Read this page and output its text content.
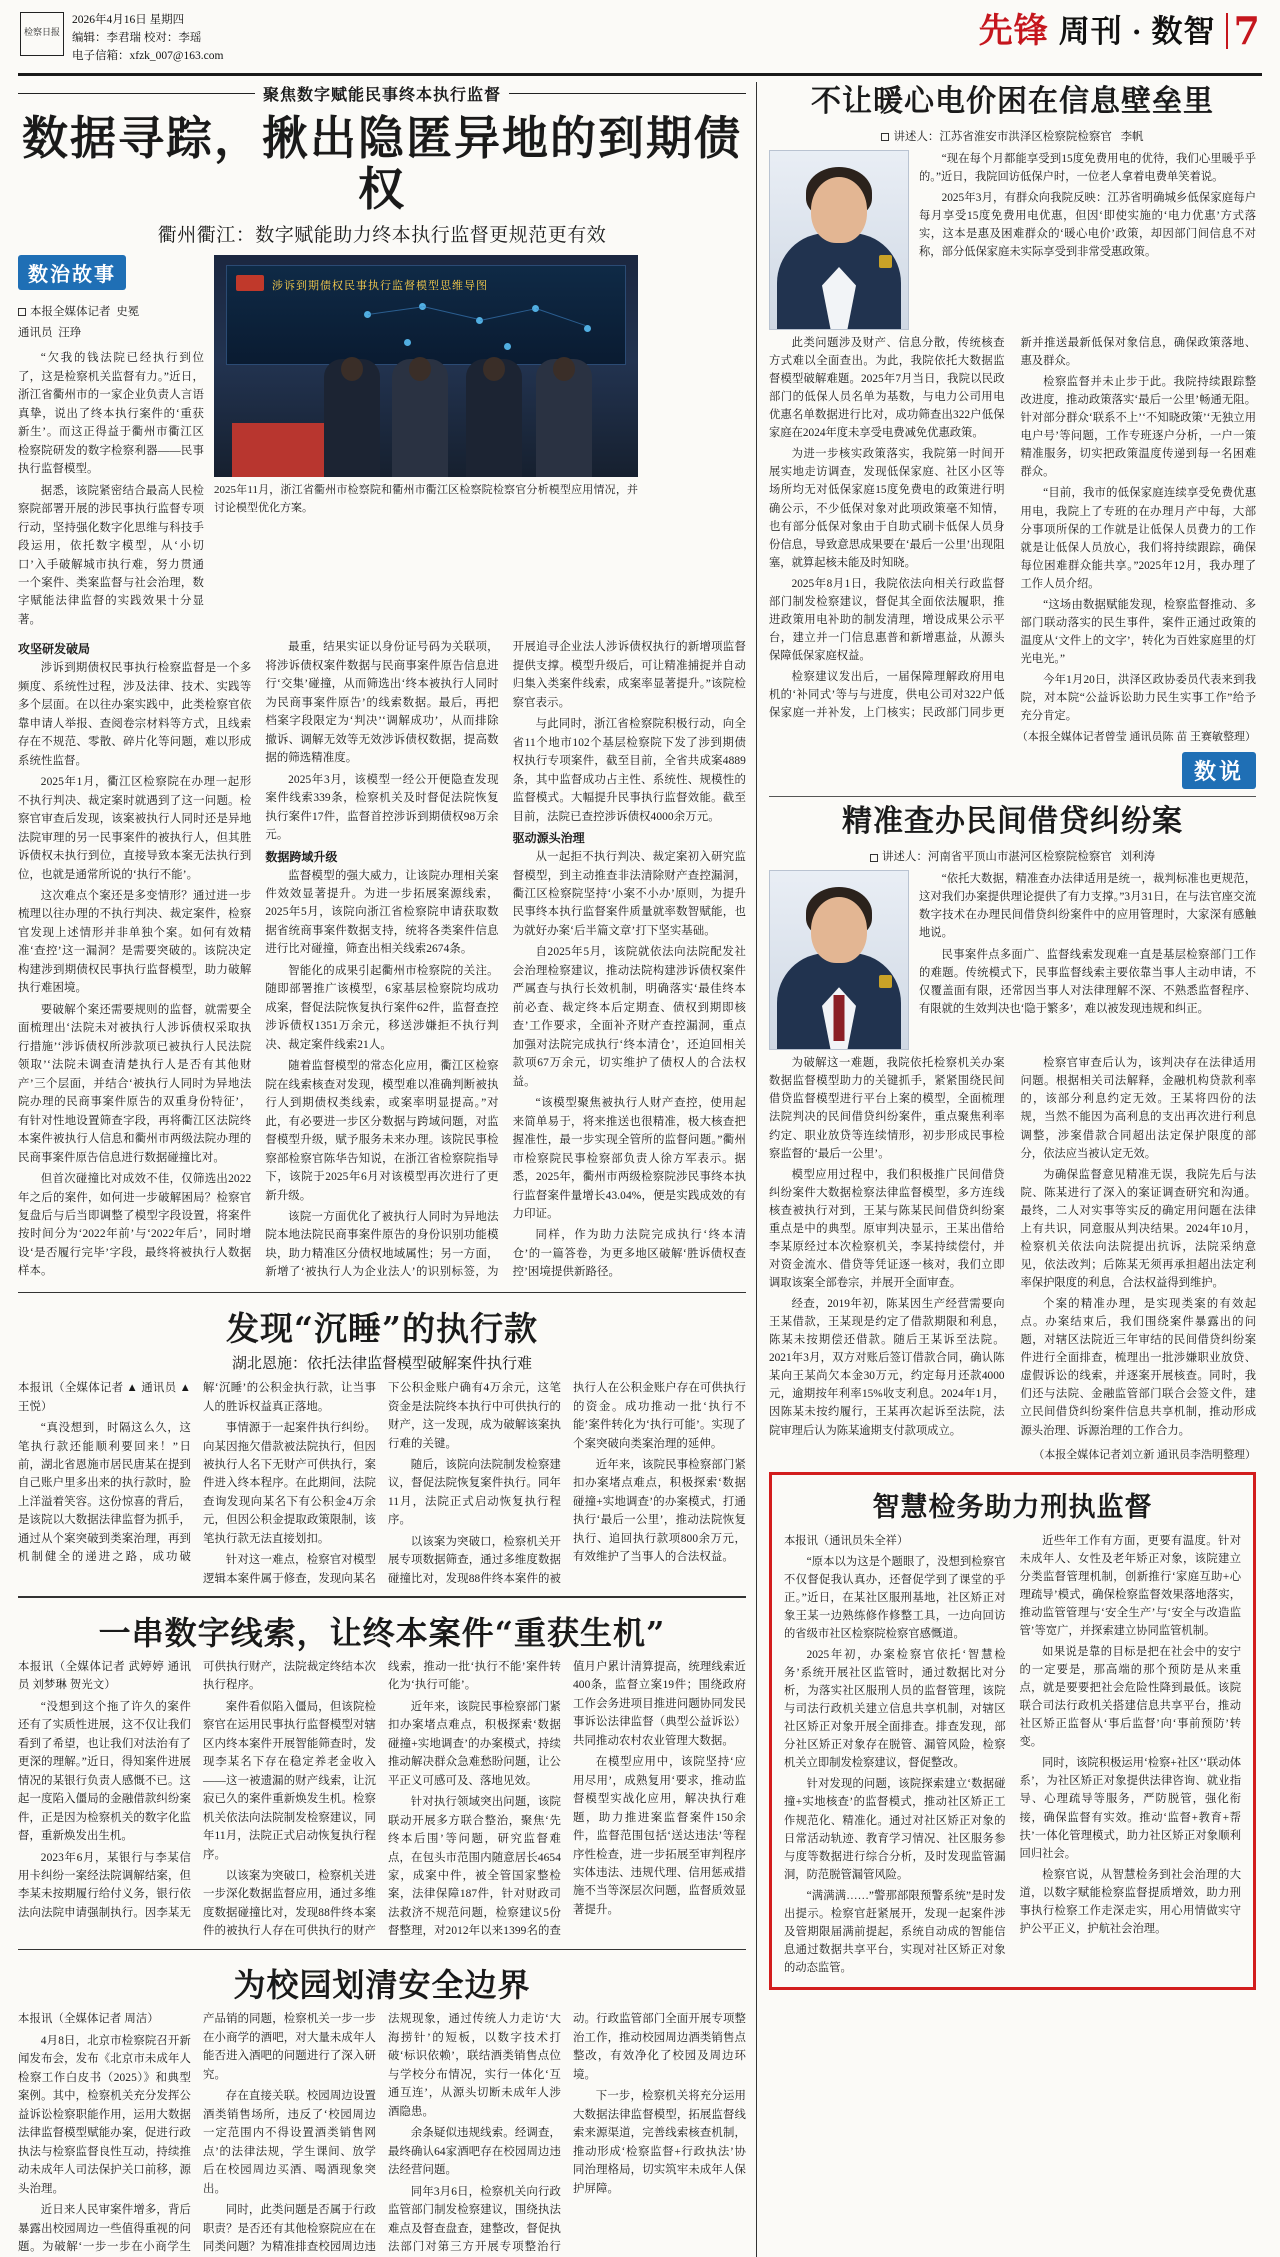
检察日报
2026年4月16日 星期四
编辑：李君瑞 校对：李瑶
电子信箱：xfzk_007@163.com
先锋 周刊 · 数智 7
聚焦数字赋能民事终本执行监督
数据寻踪，揪出隐匿异地的到期债权
衢州衢江：数字赋能助力终本执行监督更规范更有效
数治故事
本报全媒体记者 史冕
通讯员 汪琤

“欠我的钱法院已经执行到位了，这是检察机关监督有力。”近日，浙江省衢州市的一家企业负责人言语真挚，说出了终本执行案件的‘重获新生’。而这正得益于衢州市衢江区检察院研发的数字检察利器——民事执行监督模型。

据悉，该院紧密结合最高人民检察院部署开展的涉民事执行监督专项行动，坚持强化数字化思维与科技手段运用，依托数字模型，从‘小切口’入手破解城市执行难，努力贯通一个案件、类案监督与社会治理，数字赋能法律监督的实践效果十分显著。

涉诉到期债权民事执行监督模型思维导图
2025年11月，浙江省衢州市检察院和衢州市衢江区检察院检察官分析模型应用情况，并讨论模型优化方案。
攻坚研发破局

涉诉到期债权民事执行检察监督是一个多频度、系统性过程，涉及法律、技术、实践等多个层面。在以往办案实践中，此类检察官依靠申请人举报、查阅卷宗材料等方式，且线索存在不规范、零散、碎片化等问题，难以形成系统性监督。

2025年1月，衢江区检察院在办理一起形不执行判决、裁定案时就遇到了这一问题。检察官审查后发现，该案被执行人同时还是异地法院审理的另一民事案件的被执行人，但其胜诉债权未执行到位，直接导致本案无法执行到位，也就是通常所说的‘执行不能’。

这次难点个案还是多变情形？通过进一步梳理以往办理的不执行判决、裁定案件，检察官发现上述情形并非单独个案。如何有效精准‘查控’这一漏洞？是需要突破的。该院决定构建涉到期债权民事执行监督模型，助力破解执行难困境。

要破解个案还需要规则的监督，就需要全面梳理出‘法院未对被执行人涉诉债权采取执行措施’‘涉诉债权所涉款项已被执行人民法院领取’‘法院未调查清楚执行人是否有其他财产’三个层面，并结合‘被执行人同时为异地法院办理的民商事案件原告的双重身份特征’，有针对性地设置筛查字段，再将衢江区法院终本案件被执行人信息和衢州市两级法院办理的民商事案件原告信息进行数据碰撞比对。

但首次碰撞比对成效不佳，仅筛选出2022年之后的案件，如何进一步破解困局？检察官复盘后与后当即调整了模型字段设置，将案件按时间分为‘2022年前’与‘2022年后’，同时增设‘是否履行完毕’字段，最终将被执行人数据样本。

最重，结果实证以身份证号码为关联项，将涉诉债权案件数据与民商事案件原告信息进行‘交集’碰撞，从而筛选出‘终本被执行人同时为民商事案件原告’的线索数据。最后，再把档案字段限定为‘判决’‘调解成功’，从而排除撤诉、调解无效等无效涉诉债权数据，提高数据的筛选精准度。

2025年3月，该模型一经公开便隐查发现案件线索339条，检察机关及时督促法院恢复执行案件17件，监督首控涉诉到期债权98万余元。

数据跨域升级

监督模型的强大威力，让该院办理相关案件效效显著提升。为进一步拓展案源线索，2025年5月，该院向浙江省检察院申请获取数据省统商事案件数据支持，统将各类案件信息进行比对碰撞，筛查出相关线索2674条。

智能化的成果引起衢州市检察院的关注。随即部署推广该模型，6家基层检察院均成功成案，督促法院恢复执行案件62件，监督查控涉诉债权1351万余元，移送涉嫌拒不执行判决、裁定案件线索21人。

随着监督模型的常态化应用，衢江区检察院在线索核查对发现，模型难以准确判断被执行人到期债权类线索，或案率明显提高。”对此，有必要进一步区分数据与跨域问题，对监督模型升级，赋予服务未来办理。该院民事检察部检察官陈华告知说，在浙江省检察院指导下，该院于2025年6月对该模型再次进行了更新升级。

该院一方面优化了被执行人同时为异地法院本地法院民商事案件原告的身份识别功能模块，助力精准区分债权地域属性；另一方面，新增了‘被执行人为企业法人’的识别标签，为开展追寻企业法人涉诉债权执行的新增项监督提供支撑。模型升级后，可让精准捕捉并自动归集入类案件线索，成案率显著提升。”该院检察官表示。

与此同时，浙江省检察院积极行动，向全省11个地市102个基层检察院下发了涉到期债权执行专项案件，截至目前，全省共成案4889条，其中监督成功占主性、系统性、规模性的监督模式。大幅提升民事执行监督效能。截至目前，法院已查控涉诉债权4000余万元。

驱动源头治理

从一起拒不执行判决、裁定案初入研究监督模型，到主动推查非法清除财产查控漏洞，衢江区检察院坚持‘小案不小办’原则，为提升民事终本执行监督案件质量就率数智赋能，也为就好办案‘后半篇文章’打下坚实基础。

自2025年5月，该院就依法向法院配发社会治理检察建议，推动法院构建涉诉债权案件严属查与执行长效机制，明确落实‘最佳终本前必查、裁定终本后定期查、债权到期即核查’工作要求，全面补齐财产查控漏洞，重点加强对法院完成执行‘终本清仓’，还迫回相关款项67万余元，切实维护了债权人的合法权益。

“该模型聚焦被执行人财产查控，使用起来简单易于，将来推送也很精准，极大核查把握准性，最一步实现全管所的监督问题。”衢州市检察院民事检察部负责人徐方军表示。据悉，2025年，衢州市两级检察院涉民事终本执行监督案件量增长43.04%，便是实践成效的有力印证。

同样，作为助力法院完成执行‘终本清仓’的一篇答卷，为更多地区破解‘胜诉债权查控’困境提供新路径。

发现“沉睡”的执行款
湖北恩施：依托法律监督模型破解案件执行难

本报讯（全媒体记者 ▲ 通讯员 ▲ 王悦）

“真没想到，时隔这么久，这笔执行款还能顺利要回来！”日前，湖北省恩施市居民唐某在提到自己账户里多出来的执行款时，脸上洋溢着笑容。这份惊喜的背后，是该院以大数据法律监督为抓手，通过从个案突破到类案治理，再到机制健全的递进之路，成功破解‘沉睡’的公积金执行款，让当事人的胜诉权益真正落地。

事情源于一起案件执行纠纷。向某因拖欠借款被法院执行，但因被执行人名下无财产可供执行，案件进入终本程序。在此期间，法院查询发现向某名下有公积金4万余元，但因公积金提取政策限制，该笔执行款无法直接划扣。

针对这一难点，检察官对模型逻辑本案件属于修查，发现向某名下公积金账户确有4万余元，这笔资金是法院终本执行中可供执行的财产，这一发现，成为破解该案执行难的关键。

随后，该院向法院制发检察建议，督促法院恢复案件执行。同年11月，法院正式启动恢复执行程序。

以该案为突破口，检察机关开展专项数据筛查，通过多维度数据碰撞比对，发现88件终本案件的被执行人在公积金账户存在可供执行的资金。成功推动一批‘执行不能’案件转化为‘执行可能’。实现了个案突破向类案治理的延伸。

近年来，该院民事检察部门紧扣办案堵点难点，积极探索‘数据碰撞+实地调查’的办案模式，打通执行‘最后一公里’，推动法院恢复执行、追回执行款项800余万元，有效维护了当事人的合法权益。

一串数字线索，让终本案件“重获生机”

本报讯（全媒体记者 武婷婷 通讯员 刘梦琳 贺光文）

“没想到这个拖了许久的案件还有了实质性进展，这不仅让我们看到了希望，也让我们对法治有了更深的理解。”近日，得知案件进展情况的某银行负责人感慨不已。这起一度陷入僵局的金融借款纠纷案件，正是因为检察机关的数字化监督，重新焕发出生机。

2023年6月，某银行与李某信用卡纠纷一案经法院调解结案，但李某未按期履行给付义务，银行依法向法院申请强制执行。因李某无可供执行财产，法院裁定终结本次执行程序。

案件看似陷入僵局，但该院检察官在运用民事执行监督模型对辖区内终本案件开展智能筛查时，发现李某名下存在稳定养老金收入——这一被遗漏的财产线索，让沉寂已久的案件重新焕发生机。检察机关依法向法院制发检察建议，同年11月，法院正式启动恢复执行程序。

以该案为突破口，检察机关进一步深化数据监督应用，通过多维度数据碰撞比对，发现88件终本案件的被执行人存在可供执行的财产线索，推动一批‘执行不能’案件转化为‘执行可能’。

近年来，该院民事检察部门紧扣办案堵点难点，积极探索‘数据碰撞+实地调查’的办案模式，持续推动解决群众急难愁盼问题，让公平正义可感可及、落地见效。

针对执行领域突出问题，该院联动开展多方联合整治，聚焦‘先终本后围’等问题，研究监督难点，在包头市范围内随意居长4654家，成案中件，被全管国家整检案，法律保障187件，针对财政司法救济不规范问题，检察建议5份督整理，对2012年以来1399名的查值月户累计清算提高，统理线索近400条，监督立案19件；围绕政府工作会务进项目推进问题协同发民事诉讼法律监督（典型公益诉讼）共同推动农村农业管理大数据。

在模型应用中，该院坚持‘应用尽用’，成熟复用‘要求，推动监督模型实战化应用，解决执行难题，助力推进案监督案件150余件，监督范围包括‘送达违法’等程序性检查，进一步拓展至审判程序实体违法、违规代理、信用惩戒措施不当等深层次问题，监督质效显著提升。

为校园划清安全边界

本报讯（全媒体记者 周洁）

4月8日，北京市检察院召开新闻发布会，发布《北京市未成年人检察工作白皮书（2025）》和典型案例。其中，检察机关充分发挥公益诉讼检察职能作用，运用大数据法律监督模型赋能办案，促进行政执法与检察监督良性互动，持续推动未成年人司法保护关口前移，源头治理。

近日来人民审案件增多，背后暴露出校园周边一些值得重视的问题。为破解‘一步一步在小商学生产品销的同题，检察机关一步一步在小商学的酒吧，对大量未成年人能否进入酒吧的问题进行了深入研究。

存在直接关联。校园周边设置酒类销售场所，违反了‘校园周边一定范围内不得设置酒类销售网点’的法律法规，学生课间、放学后在校园周边买酒、喝酒现象突出。

同时，此类问题是否属于行政职责？是否还有其他检察院应在在同类问题？为精准排查校园周边违法规现象，通过传统人力走访‘大海捞针’的短板，以数字技术打破‘标识依赖’，联结酒类销售点位与学校分布情况，实行一体化‘互通互连’，从源头切断未成年人涉酒隐患。

余条疑似违规线索。经调查，最终确认64家酒吧存在校园周边违法经营问题。

同年3月6日，检察机关向行政监管部门制发检察建议，围绕执法难点及督查盘查，建整改，督促执法部门对第三方开展专项整治行动。行政监管部门全面开展专项整治工作，推动校园周边酒类销售点整改，有效净化了校园及周边环境。

下一步，检察机关将充分运用大数据法律监督模型，拓展监督线索来源渠道，完善线索核查机制，推动形成‘检察监督+行政执法’协同治理格局，切实筑牢未成年人保护屏障。

不让暖心电价困在信息壁垒里
讲述人：江苏省淮安市洪泽区检察院检察官 李帆

“现在每个月都能享受到15度免费用电的优待，我们心里暖乎乎的。”近日，我院回访低保户时，一位老人拿着电费单笑着说。

2025年3月，有群众向我院反映：江苏省明确城乡低保家庭每户每月享受15度免费用电优惠，但因‘即使实施的‘电力优惠’方式落实，这本是惠及困难群众的‘暖心电价’政策，却因部门间信息不对称，部分低保家庭未实际享受到非常受惠政策。

此类问题涉及财产、信息分散，传统核查方式难以全面查出。为此，我院依托大数据监督模型破解难题。2025年7月当日，我院以民政部门的低保人员名单为基数，与电力公司用电优惠名单数据进行比对，成功筛查出322户低保家庭在2024年度未享受电费减免优惠政策。

为进一步核实政策落实，我院第一时间开展实地走访调查，发现低保家庭、社区小区等场所均无对低保家庭15度免费电的政策进行明确公示，不少低保对象对此项政策毫不知情，也有部分低保对象由于自助式刷卡低保人员身份信息，导致意思成果要在‘最后一公里’出现阻塞，就算起核未能及时知晓。

2025年8月1日，我院依法向相关行政监督部门制发检察建议，督促其全面依法履职，推进政策用电补助的制发清理，增设成果公示平台，建立并一门信息惠普和新增惠益，从源头保障低保家庭权益。

检察建议发出后，一届保障理解政府用电机的‘补同式’等与与进度，供电公司对322户低保家庭一并补发，上门核实；民政部门同步更新并推送最新低保对象信息，确保政策落地、惠及群众。

检察监督并未止步于此。我院持续跟踪整改进度，推动政策落实‘最后一公里’畅通无阻。针对部分群众‘联系不上’‘不知晓政策’‘无独立用电户号’等问题，工作专班逐户分析，一户一策精准服务，切实把政策温度传递到每一名困难群众。

“目前，我市的低保家庭连续享受免费优惠用电，我院上了专班的在办理月产中每，大部分事项所保的工作就是让低保人员费力的工作就是让低保人员放心，我们将持续跟踪，确保每位困难群众能共享。”2025年12月，我办理了工作人员介绍。

“这场由数据赋能发现，检察监督推动、多部门联动落实的民生事件，案件正通过政策的温度从‘文件上的文字’，转化为百姓家庭里的灯光电光。”

今年1月20日，洪泽区政协委员代表来到我院，对本院“公益诉讼助力民生实事工作”给予充分肯定。

（本报全媒体记者曾莹 通讯员陈 苗 王赛敏整理）
数说
精准查办民间借贷纠纷案
讲述人：河南省平顶山市湛河区检察院检察官 刘利涛

“依托大数据，精准查办法律适用是统一，裁判标准也更规范，这对我们办案提供理论提供了有力支撑。”3月31日，在与法官座交流数字技术在办理民间借贷纠纷案件中的应用管理时，大家深有感触地说。

民事案件点多面广、监督线索发现难一直是基层检察部门工作的难题。传统模式下，民事监督线索主要依靠当事人主动申请，不仅覆盖面有限，还常因当事人对法律理解不深、不熟悉监督程序、有限就的生效判决也‘隐于繁多’，难以被发现违规和纠正。

为破解这一难题，我院依托检察机关办案数据监督模型助力的关键抓手，紧紧围绕民间借贷监督模型进行平台上案的模型，全面梳理法院判决的民间借贷纠纷案件，重点聚焦利率约定、职业放贷等连续情形，初步形成民事检察监督的‘最后一公里’。

模型应用过程中，我们积极推广民间借贷纠纷案件大数据检察法律监督模型，多方连线核查被执行对到，王某与陈某民间借贷纠纷案重点是中的典型。原审判决显示，王某出借给李某原经过本次检察机关，李某持续偿付，并对资金流水、借贷等凭证逐一核对，我们立即调取该案全部卷宗，并展开全面审查。

经查，2019年初，陈某因生产经营需要向王某借款，王某现是约定了借款期限和利息，陈某未按期偿还借款。随后王某诉至法院。2021年3月，双方对账后签订借款合同，确认陈某向王某尚欠本金30万元，约定每月还款4000元，逾期按年利率15%收支利息。2024年1月，因陈某未按约履行，王某再次起诉至法院，法院审理后认为陈某逾期支付款项成立。

检察官审查后认为，该判决存在法律适用问题。根据相关司法解释，金融机构贷款利率的，该部分利息约定无效。王某将四份的法规，当然不能因为高利息的支出再次进行利息调整，涉案借款合同超出法定保护限度的部分，依法应当被认定无效。

为确保监督意见精准无误，我院先后与法院、陈某进行了深入的案证调查研究和沟通。最终，二人对实事等实反的确定用问题在法律上有共识，同意服从判决结果。2024年10月，检察机关依法向法院提出抗诉，法院采纳意见，依法改判；后陈某无须再承担超出法定利率保护限度的利息，合法权益得到维护。

个案的精准办理，是实现类案的有效起点。办案结束后，我们围绕案件暴露出的问题，对辖区法院近三年审结的民间借贷纠纷案件进行全面排查，梳理出一批涉嫌职业放贷、虚假诉讼的线索，并逐案开展核查。同时，我们还与法院、金融监管部门联合会签文件，建立民间借贷纠纷案件信息共享机制，推动形成源头治理、诉源治理的工作合力。

（本报全媒体记者刘立新 通讯员李浩明整理）
智慧检务助力刑执监督

本报讯（通讯员朱全祥）

“原本以为这是个题眼了，没想到检察官不仅督促我认真办，还督促学到了课堂的乎正。”近日，在某社区服刑基地，社区矫正对象王某一边熟练修作修整工具，一边向回访的省级市社区检察院检察官感慨道。

2025年初，办案检察官依托‘智慧检务’系统开展社区监管时，通过数据比对分析，为落实社区服刑人员的监督管理，该院与司法行政机关建立信息共享机制，对辖区社区矫正对象开展全面排查。排查发现，部分社区矫正对象存在脱管、漏管风险，检察机关立即制发检察建议，督促整改。

针对发现的问题，该院探索建立‘数据碰撞+实地核查’的监督模式，推动社区矫正工作规范化、精准化。通过对社区矫正对象的日常活动轨迹、教育学习情况、社区服务参与度等数据进行综合分析，及时发现监管漏洞，防范脱管漏管风险。

“满满满……”警那部限预警系统”是时发出提示。检察官赶紧展开，发现一起案件涉及管期限届满前提起，系统自动成的智能信息通过数据共享平台，实现对社区矫正对象的动态监管。

近些年工作有方面，更要有温度。针对未成年人、女性及老年矫正对象，该院建立分类监督管理机制，创新推行‘家庭互助+心理疏导’模式，确保检察监督效果落地落实，推动监管管理与‘安全生产’与‘安全与改造监管’等宽广，并探索建立协同监管机制。

如果说是靠的目标是把在社会中的安宁的一定要是，那高端的那个预防是从来重点，就是要要把社会危险性降到最低。该院联合司法行政机关搭建信息共享平台，推动社区矫正监督从‘事后监督’向‘事前预防’转变。

同时，该院积极运用‘检察+社区’‘联动体系’，为社区矫正对象提供法律咨询、就业指导、心理疏导等服务，严防脱管，强化衔接，确保监督有实效。推动‘监督+教育+帮扶’一体化管理模式，助力社区矫正对象顺利回归社会。

检察官说，从智慧检务到社会治理的大道，以数字赋能检察监督提质增效，助力刑事执行检察工作走深走实，用心用情做实守护公平正义，护航社会治理。
